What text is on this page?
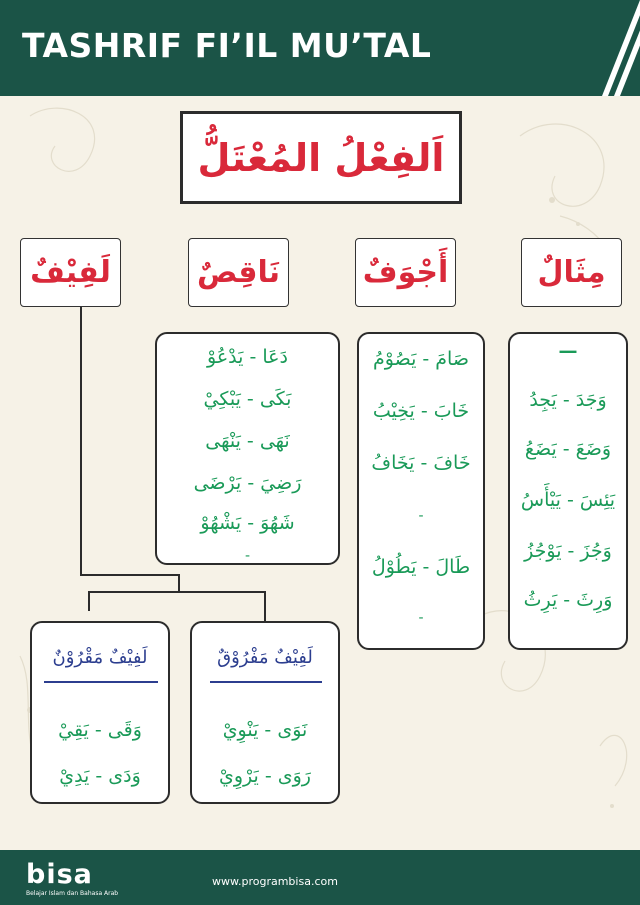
TASHRIF FI’IL MU’TAL
اَلفِعْلُ المُعْتَلُّ
مِثَالٌ
أَجْوَفٌ
نَاقِصٌ
لَفِيْفٌ
—
وَجَدَ - يَجِدُ
وَضَعَ - يَضَعُ
يَئِسَ - يَيْأَسُ
وَجُزَ - يَوْجُزُ
وَرِثَ - يَرِثُ
صَامَ - يَصُوْمُ
خَابَ - يَخِيْبُ
خَافَ - يَخَافُ
-
طَالَ - يَطُوْلُ
-
دَعَا - يَدْعُوْ
بَكَى - يَبْكِيْ
نَهَى - يَنْهَى
رَضِيَ - يَرْضَى
شَهُوَ - يَشْهُوْ
-
لَفِيْفٌ مَقْرُوْنٌ
وَقَى - يَقِيْ
وَدَى - يَدِيْ
لَفِيْفٌ مَفْرُوْقٌ
نَوَى - يَنْوِيْ
رَوَى - يَرْوِيْ
bisa
Belajar Islam dan Bahasa Arab
www.programbisa.com
